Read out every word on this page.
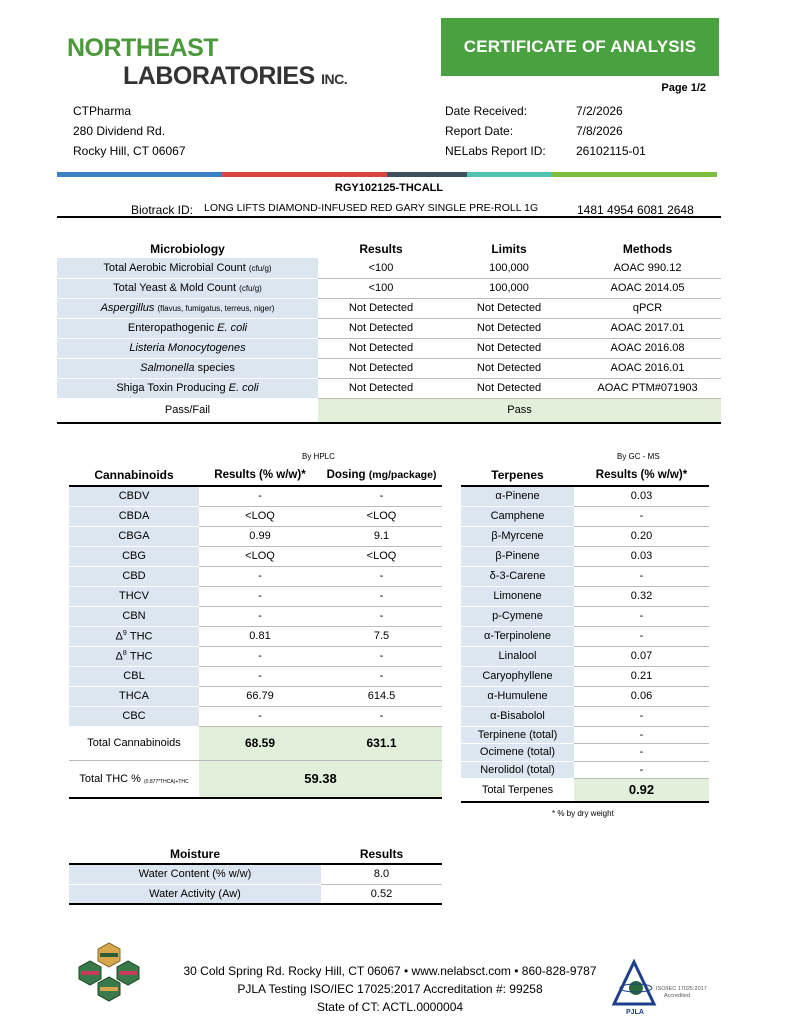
NORTHEAST
LABORATORIES INC.
CERTIFICATE OF ANALYSIS
Page 1/2
CTPharma
280 Dividend Rd.
Rocky Hill, CT 06067
Date Received:	7/2/2026
Report Date:	7/8/2026
NELabs Report ID:	26102115-01
RGY102125-THCALL
Biotrack ID: LONG LIFTS DIAMOND-INFUSED RED GARY SINGLE PRE-ROLL 1G	1481 4954 6081 2648
Microbiology	Results	Limits	Methods
Total Aerobic Microbial Count (cfu/g)	<100	100,000	AOAC 990.12
Total Yeast & Mold Count (cfu/g)	<100	100,000	AOAC 2014.05
Aspergillus (flavus, fumigatus, terreus, niger)	Not Detected	Not Detected	qPCR
Enteropathogenic E. coli	Not Detected	Not Detected	AOAC 2017.01
Listeria Monocytogenes	Not Detected	Not Detected	AOAC 2016.08
Salmonella species	Not Detected	Not Detected	AOAC 2016.01
Shiga Toxin Producing E. coli	Not Detected	Not Detected	AOAC PTM#071903
Pass/Fail	Pass		
By HPLC	By GC - MS
Cannabinoids	Results (% w/w)*	Dosing (mg/package)
CBDV	-	-
CBDA	<LOQ	<LOQ
CBGA	0.99	9.1
CBG	<LOQ	<LOQ
CBD	-	-
THCV	-	-
CBN	-	-
$\Delta^9$ THC	0.81	7.5
$\Delta^8$ THC	-	-
CBL	-	-
THCA	66.79	614.5
CBC	-	-
Total Cannabinoids	68.59	631.1
Total THC % $_{(0.877*THCA)+THC}$	59.38	
Terpenes	Results (% w/w)*
α-Pinene	0.03
Camphene	-
β-Myrcene	0.20
β-Pinene	0.03
δ-3-Carene	-
Limonene	0.32
p-Cymene	-
α-Terpinolene	-
Linalool	0.07
Caryophyllene	0.21
α-Humulene	0.06
α-Bisabolol	-
Terpinene (total)	-
Ocimene (total)	-
Nerolidol (total)	-
Total Terpenes	0.92
* % by dry weight
Moisture	Results
Water Content (% w/w)	8.0
Water Activity (Aw)	0.52
30 Cold Spring Rd. Rocky Hill, CT 06067 • www.nelabsct.com • 860-828-9787
PJLA Testing ISO/IEC 17025:2017 Accreditation #: 99258
State of CT: ACTL.0000004	PJLA
ISO/IEC 17025:2017
Accredited
